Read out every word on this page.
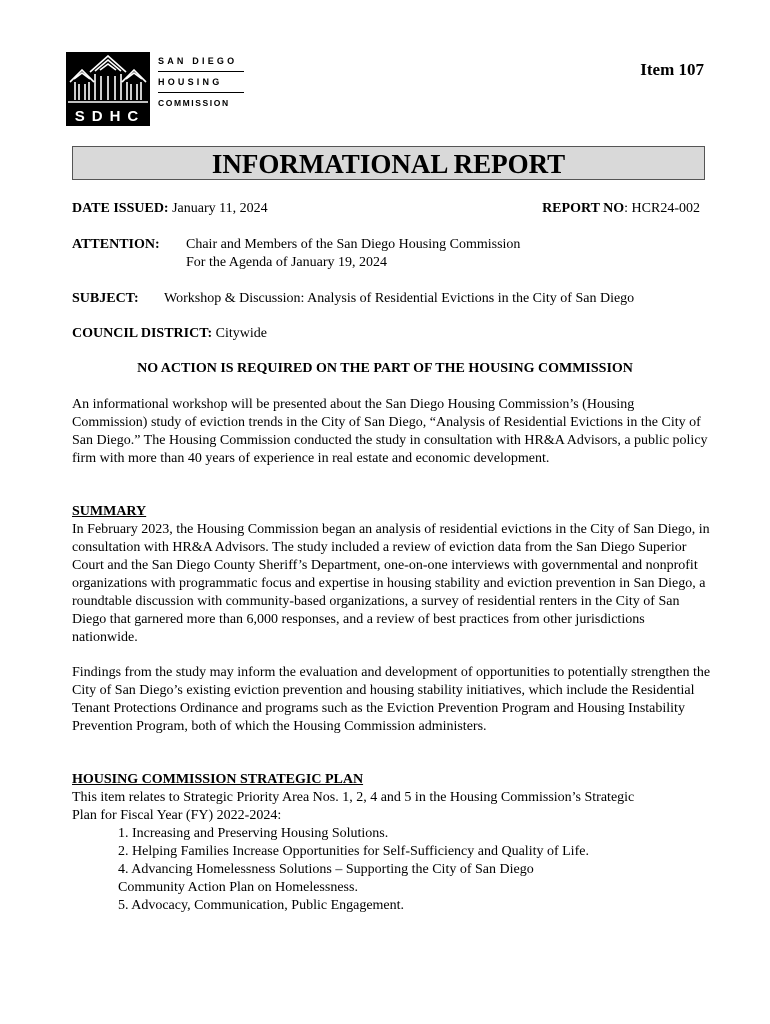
SDHC
SAN DIEGO
HOUSING
COMMISSION
Item 107
INFORMATIONAL REPORT
DATE ISSUED: January 11, 2024	REPORT NO: HCR24-002
ATTENTION: Chair and Members of the San Diego Housing Commission
For the Agenda of January 19, 2024
SUBJECT: Workshop & Discussion: Analysis of Residential Evictions in the City of San Diego
COUNCIL DISTRICT: Citywide
NO ACTION IS REQUIRED ON THE PART OF THE HOUSING COMMISSION

An informational workshop will be presented about the San Diego Housing Commission’s (Housing Commission) study of eviction trends in the City of San Diego, “Analysis of Residential Evictions in the City of San Diego.” The Housing Commission conducted the study in consultation with HR&A Advisors, a public policy firm with more than 40 years of experience in real estate and economic development.

SUMMARY

In February 2023, the Housing Commission began an analysis of residential evictions in the City of San Diego, in consultation with HR&A Advisors. The study included a review of eviction data from the San Diego Superior Court and the San Diego County Sheriff’s Department, one-on-one interviews with governmental and nonprofit organizations with programmatic focus and expertise in housing stability and eviction prevention in San Diego, a roundtable discussion with community-based organizations, a survey of residential renters in the City of San Diego that garnered more than 6,000 responses, and a review of best practices from other jurisdictions nationwide.

Findings from the study may inform the evaluation and development of opportunities to potentially strengthen the City of San Diego’s existing eviction prevention and housing stability initiatives, which include the Residential Tenant Protections Ordinance and programs such as the Eviction Prevention Program and Housing Instability Prevention Program, both of which the Housing Commission administers.

HOUSING COMMISSION STRATEGIC PLAN
This item relates to Strategic Priority Area Nos. 1, 2, 4 and 5 in the Housing Commission’s Strategic
Plan for Fiscal Year (FY) 2022-2024:
1. Increasing and Preserving Housing Solutions.
2. Helping Families Increase Opportunities for Self-Sufficiency and Quality of Life.
4. Advancing Homelessness Solutions – Supporting the City of San Diego
Community Action Plan on Homelessness.
5. Advocacy, Communication, Public Engagement.
